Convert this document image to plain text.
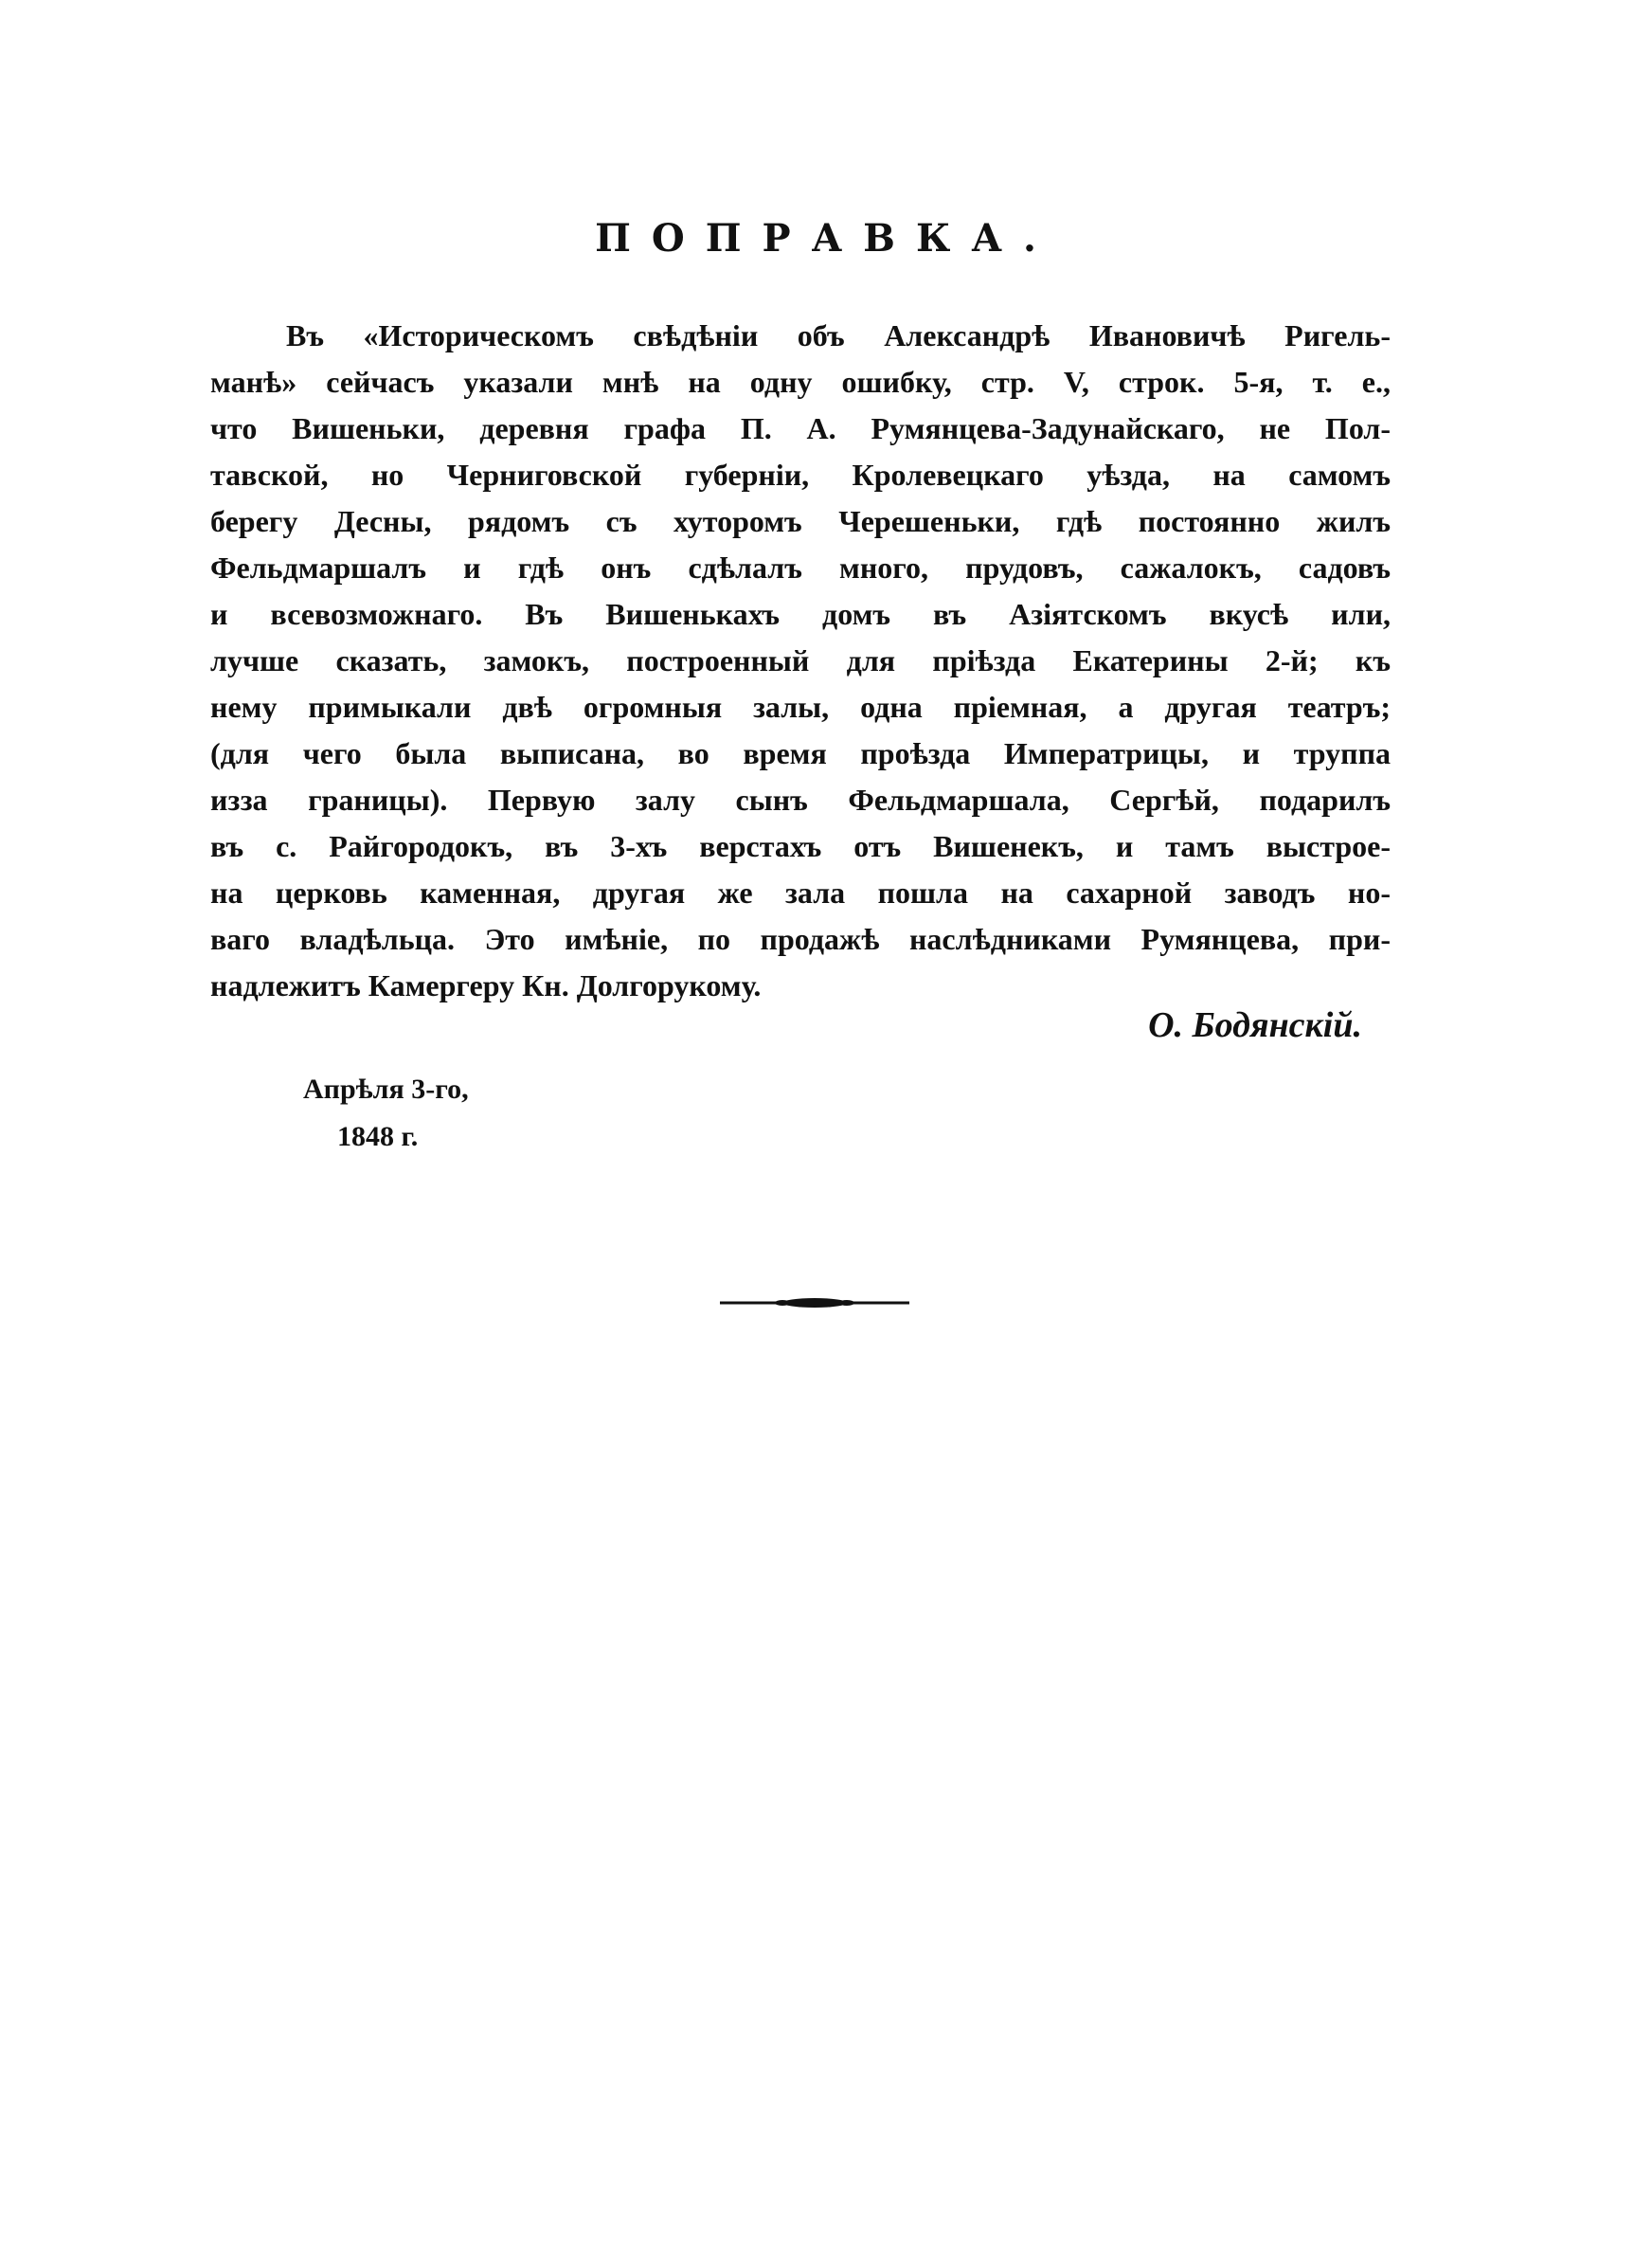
ПОПРАВКА.
Въ «Историческомъ свѣдѣніи объ Александрѣ Ивановичѣ Ригель-
манѣ» сейчасъ указали мнѣ на одну ошибку, стр. V, строк. 5-я, т. е.,
что Вишеньки, деревня графа П. А. Румянцева-Задунайскаго, не Пол-
тавской, но Черниговской губерніи, Кролевецкаго уѣзда, на самомъ
берегу Десны, рядомъ съ хуторомъ Черешеньки, гдѣ постоянно жилъ
Фельдмаршалъ и гдѣ онъ сдѣлалъ много, прудовъ, сажалокъ, садовъ
и всевозможнаго. Въ Вишенькахъ домъ въ Азіятскомъ вкусѣ или,
лучше сказать, замокъ, построенный для пріѣзда Екатерины 2-й; къ
нему примыкали двѣ огромныя залы, одна пріемная, а другая театръ;
(для чего была выписана, во время проѣзда Императрицы, и труппа
изза границы). Первую залу сынъ Фельдмаршала, Сергѣй, подарилъ
въ с. Райгородокъ, въ 3-хъ верстахъ отъ Вишенекъ, и тамъ выстрое-
на церковь каменная, другая же зала пошла на сахарной заводъ но-
ваго владѣльца. Это имѣніе, по продажѣ наслѣдниками Румянцева, при-
надлежитъ Камергеру Кн. Долгорукому.

О. Бодянскій.

Апрѣля 3-го,
1848 г.
